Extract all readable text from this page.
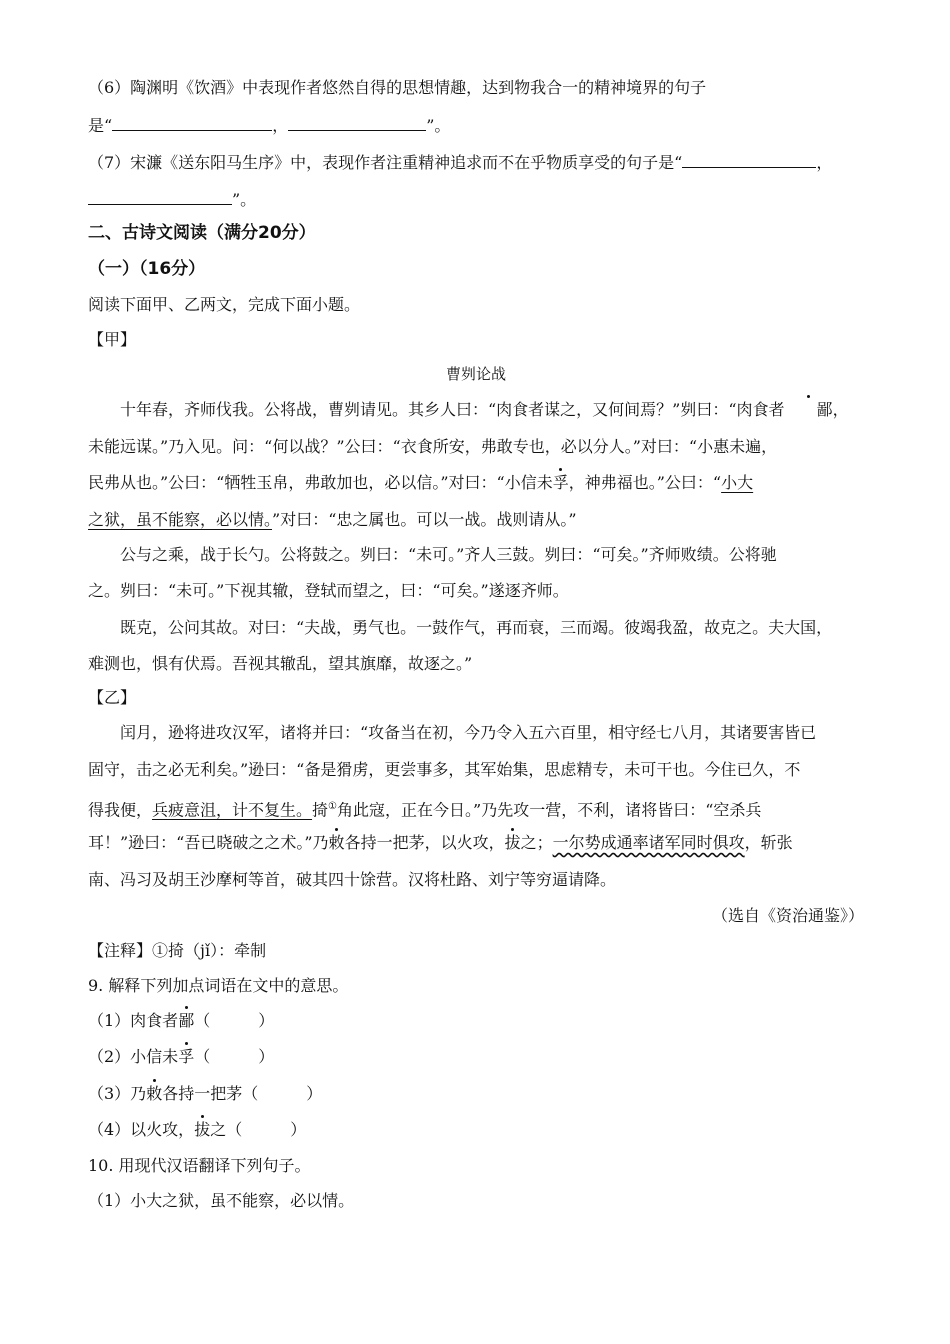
（6）陶渊明《饮酒》中表现作者悠然自得的思想情趣，达到物我合一的精神境界的句子
是“	，	”。
（7）宋濂《送东阳马生序》中，表现作者注重精神追求而不在乎物质享受的句子是“	，
”。
二、古诗文阅读（满分20分）
（一）（16分）
阅读下面甲、乙两文，完成下面小题。
【甲】
曹刿论战
十年春，齐师伐我。公将战，曹刿请见。其乡人曰：“肉食者谋之，又何间焉？”刿曰：“肉食者 鄙，
未能远谋。”乃入见。问：“何以战？”公曰：“衣食所安，弗敢专也，必以分人。”对曰：“小惠未遍，
民弗从也。”公曰：“牺牲玉帛，弗敢加也，必以信。”对曰：“小信未孚，神弗福也。”公曰：“小大
之狱，虽不能察，必以情。”对曰：“忠之属也。可以一战。战则请从。”
公与之乘，战于长勺。公将鼓之。刿曰：“未可。”齐人三鼓。刿曰：“可矣。”齐师败绩。公将驰
之。刿曰：“未可。”下视其辙，登轼而望之，曰：“可矣。”遂逐齐师。
既克，公问其故。对曰：“夫战，勇气也。一鼓作气，再而衰，三而竭。彼竭我盈，故克之。夫大国，
难测也，惧有伏焉。吾视其辙乱，望其旗靡，故逐之。”
【乙】
闰月，逊将进攻汉军，诸将并曰：“攻备当在初，今乃令入五六百里，相守经七八月，其诸要害皆已
固守，击之必无利矣。”逊曰：“备是猾虏，更尝事多，其军始集，思虑精专，未可干也。今住已久，不
得我便，兵疲意沮，计不复生。掎①角此寇，正在今日。”乃先攻一营，不利，诸将皆曰：“空杀兵
耳！”逊曰：“吾已晓破之之术。”乃敕各持一把茅，以火攻，拔之；一尔势成通率诸军同时俱攻，斩张
南、冯习及胡王沙摩柯等首，破其四十馀营。汉将杜路、刘宁等穷逼请降。
（选自《资治通鉴》）
【注释】①掎（jǐ）：牵制
9. 解释下列加点词语在文中的意思。
（1）肉食者鄙（　　　）
（2）小信未孚（　　　）
（3）乃敕各持一把茅（　　　）
（4）以火攻，拔之（　　　）
10. 用现代汉语翻译下列句子。
（1）小大之狱，虽不能察，必以情。
